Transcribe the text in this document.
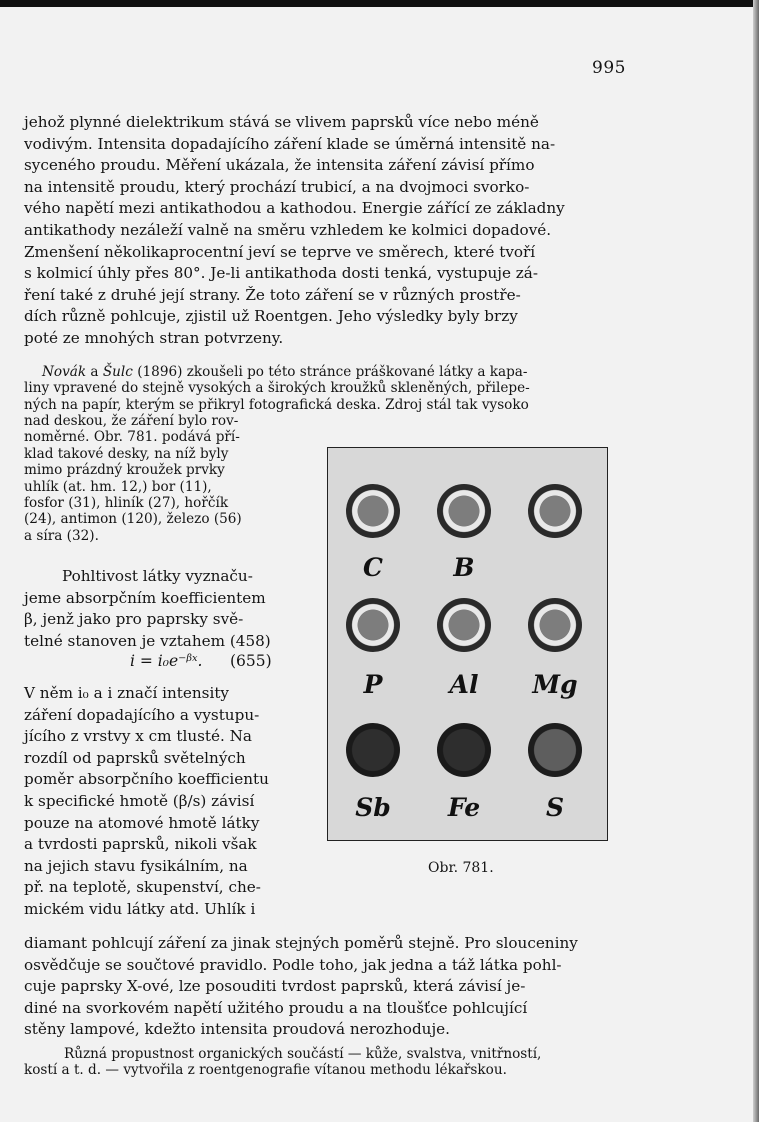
995

jehož plynné dielektrikum stává se vlivem paprsků více nebo méně
vodivým. Intensita dopadajícího záření klade se úměrná intensitě na-
syceného proudu. Měření ukázala, že intensita záření závisí přímo
na intensitě proudu, který prochází trubicí, a na dvojmoci svorko-
vého napětí mezi antikathodou a kathodou. Energie zářící ze základny
antikathody nezáleží valně na směru vzhledem ke kolmici dopadové.
Zmenšení několikaprocentní jeví se teprve ve směrech, které tvoří
s kolmicí úhly přes 80°. Je-li antikathoda dosti tenká, vystupuje zá-
ření také z druhé její strany. Že toto záření se v různých prostře-
dích různě pohlcuje, zjistil už Roentgen. Jeho výsledky byly brzy
poté ze mnohých stran potvrzeny.

Novák a Šulc (1896) zkoušeli po této stránce práškované látky a kapa-
liny vpravené do stejně vysokých a širokých kroužků skleněných, přilepe-
ných na papír, kterým se přikryl fotografická deska. Zdroj stál tak vysoko

nad deskou, že záření bylo rov-
noměrné. Obr. 781. podává pří-
klad takové desky, na níž byly
mimo prázdný kroužek prvky
uhlík (at. hm. 12,) bor (11),
fosfor (31), hliník (27), hořčík
(24), antimon (120), železo (56)
a síra (32).

Pohltivost látky vyznaču-
jeme absorpčním koefficientem
β, jenž jako pro paprsky svě-
telné stanoven je vztahem (458)

i = i₀e⁻ᵝˣ.	(655)

V něm i₀ a i značí intensity
záření dopadajícího a vystupu-
jícího z vrstvy x cm tlusté. Na
rozdíl od paprsků světelných
poměr absorpčního koefficientu
k specifické hmotě (β/s) závisí
pouze na atomové hmotě látky
a tvrdosti paprsků, nikoli však
na jejich stavu fysikálním, na
př. na teplotě, skupenství, che-
mickém vidu látky atd. Uhlík i

diamant pohlcují záření za jinak stejných poměrů stejně. Pro slouceniny
osvědčuje se součtové pravidlo. Podle toho, jak jedna a táž látka pohl-
cuje paprsky X-ové, lze posouditi tvrdost paprsků, která závisí je-
diné na svorkovém napětí užitého proudu a na tloušťce pohlcující
stěny lampové, kdežto intensita proudová nerozhoduje.

Různá propustnost organických součástí — kůže, svalstva, vnitřností,
kostí a t. d. — vytvořila z roentgenografie vítanou methodu lékařskou.

C	B
P	Al	Mg
Sb	Fe	S
Obr. 781.
